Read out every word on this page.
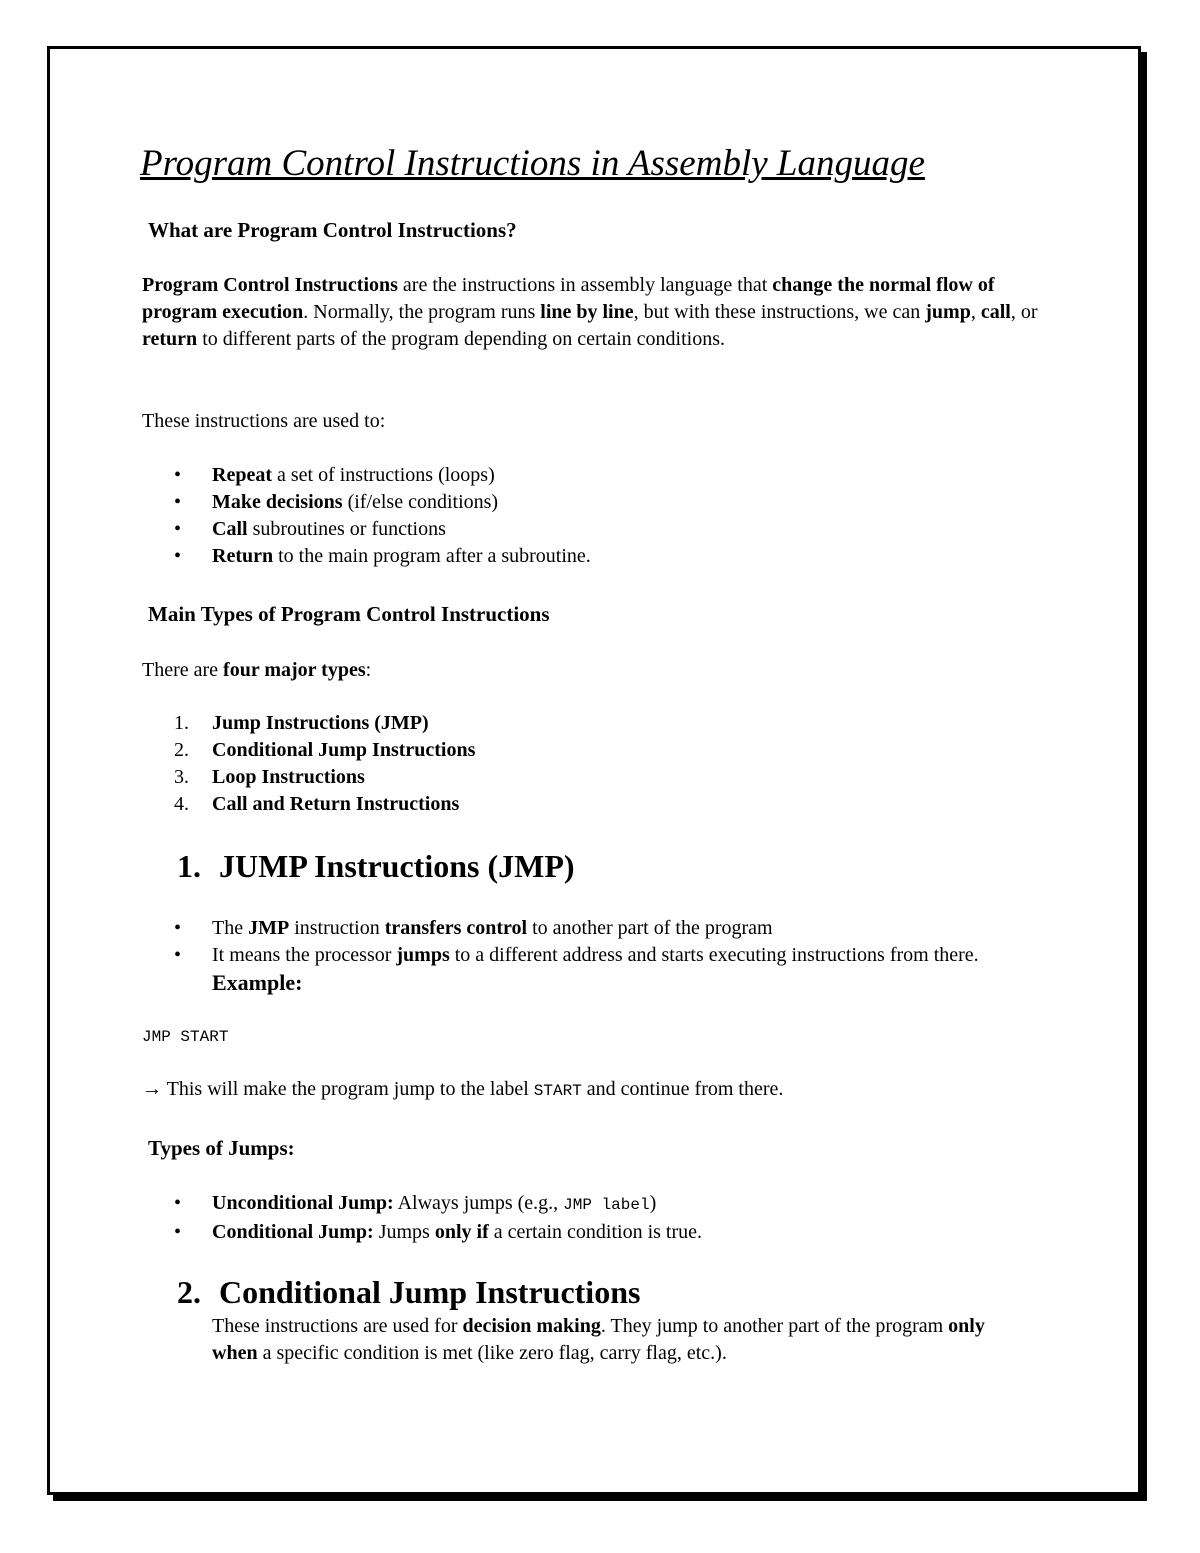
Program Control Instructions in Assembly Language
What are Program Control Instructions?

Program Control Instructions are the instructions in assembly language that change the normal flow of program execution. Normally, the program runs line by line, but with these instructions, we can jump, call, or return to different parts of the program depending on certain conditions.

These instructions are used to:

• Repeat a set of instructions (loops)
• Make decisions (if/else conditions)
• Call subroutines or functions
• Return to the main program after a subroutine.
Main Types of Program Control Instructions

There are four major types:

1. Jump Instructions (JMP)
2. Conditional Jump Instructions
3. Loop Instructions
4. Call and Return Instructions
1. JUMP Instructions (JMP)
• The JMP instruction transfers control to another part of the program
• It means the processor jumps to a different address and starts executing instructions from there. Example:
JMP START

→ This will make the program jump to the label START and continue from there.

Types of Jumps:
• Unconditional Jump: Always jumps (e.g., JMP label)
• Conditional Jump: Jumps only if a certain condition is true.
2. Conditional Jump Instructions

These instructions are used for decision making. They jump to another part of the program only when a specific condition is met (like zero flag, carry flag, etc.).
